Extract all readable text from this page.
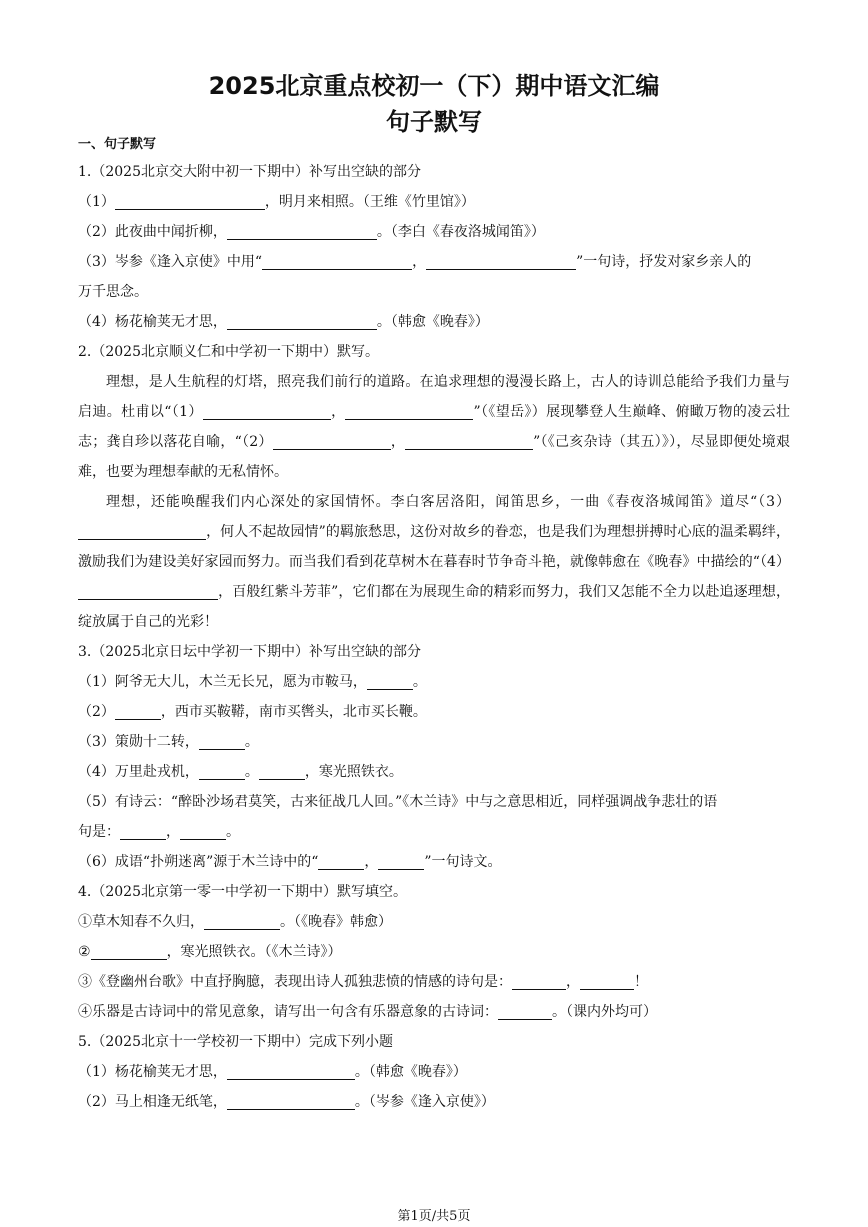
2025北京重点校初一（下）期中语文汇编
句子默写
一、句子默写
1.（2025北京交大附中初一下期中）补写出空缺的部分
（1）	，明月来相照。（王维《竹里馆》）
（2）此夜曲中闻折柳，	。（李白《春夜洛城闻笛》）
（3）岑参《逢入京使》中用“	，	”一句诗，抒发对家乡亲人的
万千思念。
（4）杨花榆荚无才思，	。（韩愈《晚春》）
2.（2025北京顺义仁和中学初一下期中）默写。
理想，是人生航程的灯塔，照亮我们前行的道路。在追求理想的漫漫长路上，古人的诗训总能给予我们力量与启迪。杜甫以“（1）	，	”（《望岳》）展现攀登人生巅峰、俯瞰万物的凌云壮志；龚自珍以落花自喻，“（2）	，	”（《己亥杂诗（其五）》），尽显即便处境艰难，也要为理想奉献的无私情怀。
理想，还能唤醒我们内心深处的家国情怀。李白客居洛阳，闻笛思乡，一曲《春夜洛城闻笛》道尽“（3），何人不起故园情”的羁旅愁思，这份对故乡的眷恋，也是我们为理想拼搏时心底的温柔羁绊，激励我们为建设美好家园而努力。而当我们看到花草树木在暮春时节争奇斗艳，就像韩愈在《晚春》中描绘的“（4），百般红紫斗芳菲”，它们都在为展现生命的精彩而努力，我们又怎能不全力以赴追逐理想，绽放属于自己的光彩！
3.（2025北京日坛中学初一下期中）补写出空缺的部分
（1）阿爷无大儿，木兰无长兄，愿为市鞍马，	。
（2）	，西市买鞍鞯，南市买辔头，北市买长鞭。
（3）策勋十二转，	。
（4）万里赴戎机，	。	，寒光照铁衣。
（5）有诗云：“醉卧沙场君莫笑，古来征战几人回。”《木兰诗》中与之意思相近，同样强调战争悲壮的语
句是：	，	。
（6）成语“扑朔迷离”源于木兰诗中的“	，	”一句诗文。
4.（2025北京第一零一中学初一下期中）默写填空。
①草木知春不久归，	。（《晚春》韩愈）
②	，寒光照铁衣。（《木兰诗》）
③《登幽州台歌》中直抒胸臆，表现出诗人孤独悲愤的情感的诗句是：	，	！
④乐器是古诗词中的常见意象，请写出一句含有乐器意象的古诗词：	。（课内外均可）
5.（2025北京十一学校初一下期中）完成下列小题
（1）杨花榆荚无才思，	。（韩愈《晚春》）
（2）马上相逢无纸笔，	。（岑参《逢入京使》）
第1页/共5页
